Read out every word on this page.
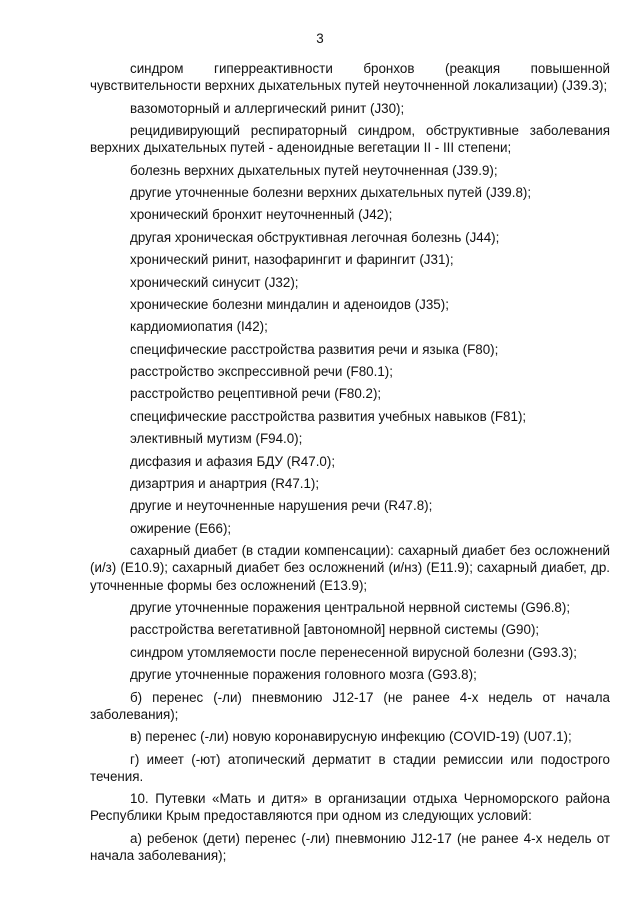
3

синдром гиперреактивности бронхов (реакция повышенной чувствительности верхних дыхательных путей неуточненной локализации) (J39.3);

вазомоторный и аллергический ринит (J30);

рецидивирующий респираторный синдром, обструктивные заболевания верхних дыхательных путей - аденоидные вегетации II - III степени;

болезнь верхних дыхательных путей неуточненная (J39.9);

другие уточненные болезни верхних дыхательных путей (J39.8);

хронический бронхит неуточненный (J42);

другая хроническая обструктивная легочная болезнь (J44);

хронический ринит, назофарингит и фарингит (J31);

хронический синусит (J32);

хронические болезни миндалин и аденоидов (J35);

кардиомиопатия (I42);

специфические расстройства развития речи и языка (F80);

расстройство экспрессивной речи (F80.1);

расстройство рецептивной речи (F80.2);

специфические расстройства развития учебных навыков (F81);

элективный мутизм (F94.0);

дисфазия и афазия БДУ (R47.0);

дизартрия и анартрия (R47.1);

другие и неуточненные нарушения речи (R47.8);

ожирение (E66);

сахарный диабет (в стадии компенсации): сахарный диабет без осложнений (и/з) (E10.9); сахарный диабет без осложнений (и/нз) (E11.9); сахарный диабет, др. уточненные формы без осложнений (E13.9);

другие уточненные поражения центральной нервной системы (G96.8);

расстройства вегетативной [автономной] нервной системы (G90);

синдром утомляемости после перенесенной вирусной болезни (G93.3);

другие уточненные поражения головного мозга (G93.8);

б) перенес (-ли) пневмонию J12-17 (не ранее 4-х недель от начала заболевания);

в) перенес (-ли) новую коронавирусную инфекцию (COVID-19) (U07.1);

г) имеет (-ют) атопический дерматит в стадии ремиссии или подострого течения.

10. Путевки «Мать и дитя» в организации отдыха Черноморского района Республики Крым предоставляются при одном из следующих условий:

а) ребенок (дети) перенес (-ли) пневмонию J12-17 (не ранее 4-х недель от начала заболевания);
